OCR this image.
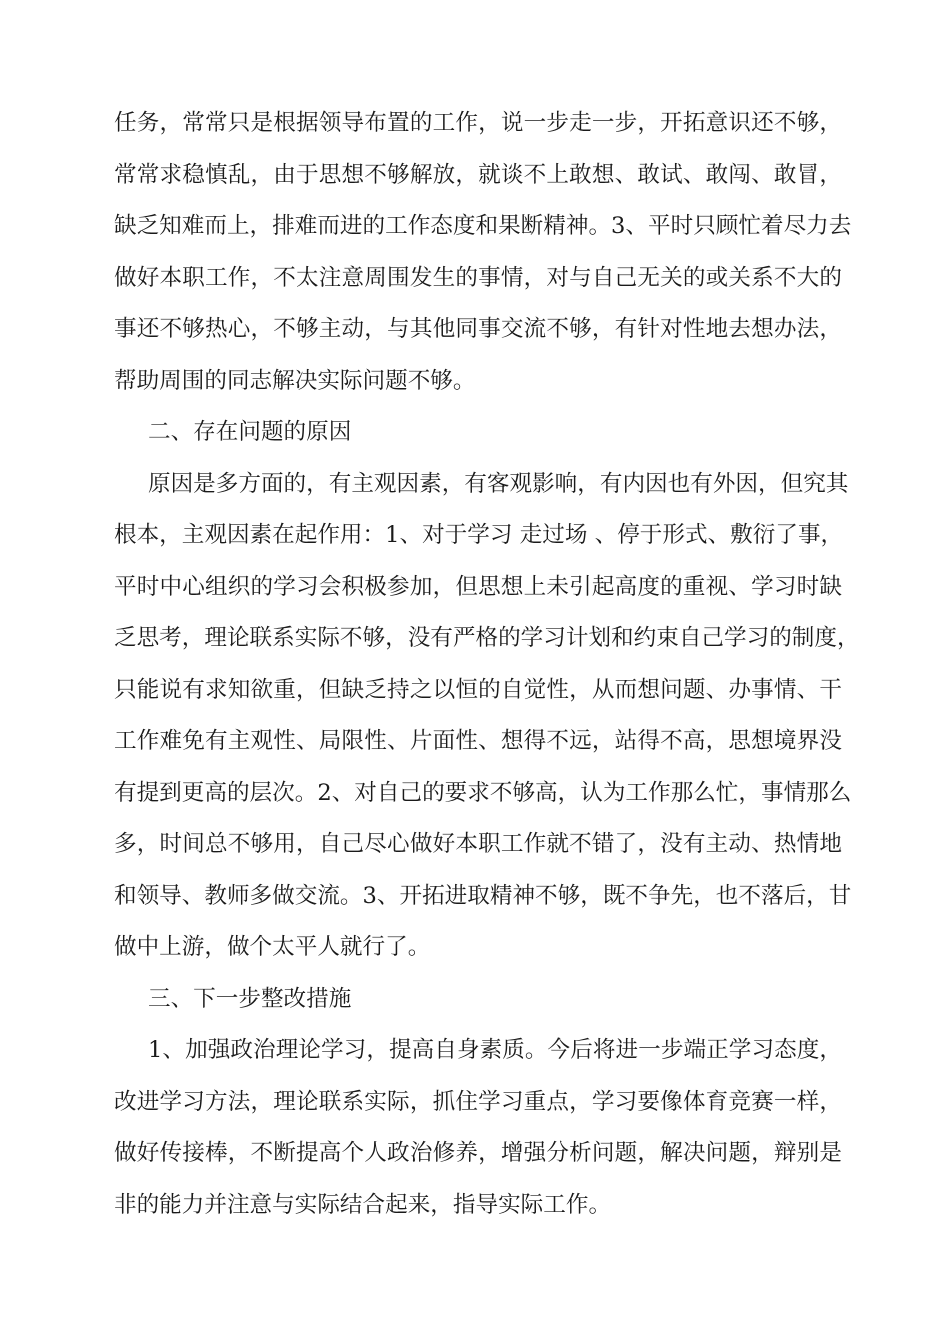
任务，常常只是根据领导布置的工作，说一步走一步，开拓意识还不够，
常常求稳慎乱，由于思想不够解放，就谈不上敢想、敢试、敢闯、敢冒，
缺乏知难而上，排难而进的工作态度和果断精神。3、平时只顾忙着尽力去
做好本职工作，不太注意周围发生的事情，对与自己无关的或关系不大的
事还不够热心，不够主动，与其他同事交流不够，有针对性地去想办法，
帮助周围的同志解决实际问题不够。
二、存在问题的原因
原因是多方面的，有主观因素，有客观影响，有内因也有外因，但究其
根本，主观因素在起作用：1、对于学习 走过场 、停于形式、敷衍了事，
平时中心组织的学习会积极参加，但思想上未引起高度的重视、学习时缺
乏思考，理论联系实际不够，没有严格的学习计划和约束自己学习的制度，
只能说有求知欲重，但缺乏持之以恒的自觉性，从而想问题、办事情、干
工作难免有主观性、局限性、片面性、想得不远，站得不高，思想境界没
有提到更高的层次。2、对自己的要求不够高，认为工作那么忙，事情那么
多，时间总不够用，自己尽心做好本职工作就不错了，没有主动、热情地
和领导、教师多做交流。3、开拓进取精神不够，既不争先，也不落后，甘
做中上游，做个太平人就行了。
三、下一步整改措施
1、加强政治理论学习，提高自身素质。今后将进一步端正学习态度，
改进学习方法，理论联系实际，抓住学习重点，学习要像体育竞赛一样，
做好传接棒，不断提高个人政治修养，增强分析问题，解决问题，辩别是
非的能力并注意与实际结合起来，指导实际工作。
